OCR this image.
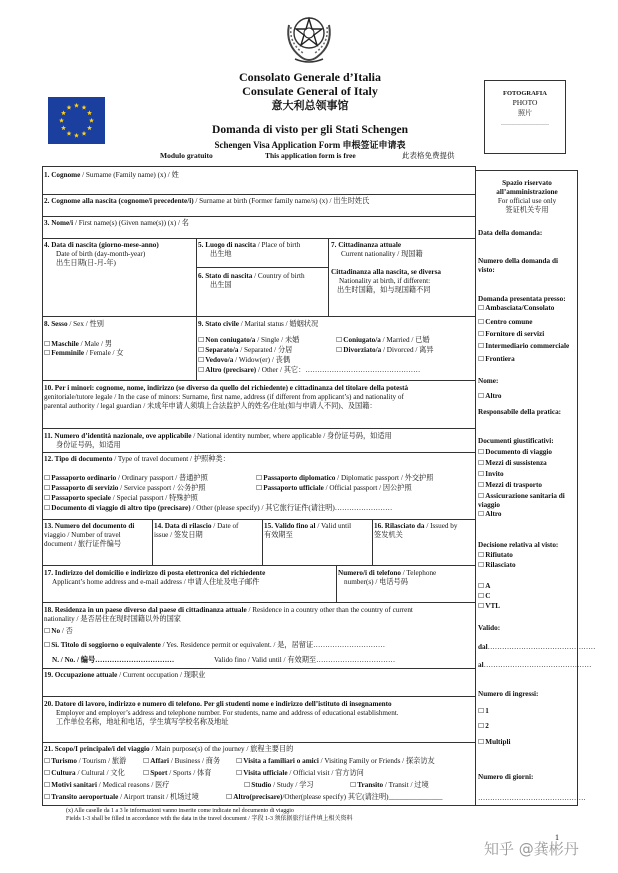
Consolato Generale d’Italia
Consulate General of Italy
意大利总领事馆
Domanda di visto per gli Stati Schengen
Schengen Visa Application Form 申根签证申请表
Modulo gratuito	This application form is free	此表格免费提供
FOTOGRAFIA
PHOTO
照片
……………………
1. Cognome / Surname (Family name) (x) / 姓
2. Cognome alla nascita (cognome/i precedente/i) / Surname at birth (Former family name/s) (x) / 出生时姓氏
3. Nome/i / First name(s) (Given name(s)) (x) / 名
4. Data di nascita (giorno-mese-anno)
Date of birth (day-month-year)
出生日期(日-月-年)
5. Luogo di nascita / Place of birth
出生地
6. Stato di nascita / Country of birth
出生国
7. Cittadinanza attuale
Current nationality / 现国籍
Cittadinanza alla nascita, se diversa
Nationality at birth, if different:
出生时国籍，如与现国籍不同
8. Sesso / Sex / 性别
☐ Maschile / Male / 男
☐ Femminile / Female / 女
9. Stato civile / Marital status / 婚姻状况
☐ Non coniugato/a / Single / 未婚	☐ Coniugato/a / Married / 已婚
☐ Separato/a / Separated / 分居	☐ Divorziato/a / Divorced / 离异
☐ Vedovo/a / Widow(er) / 丧偶
☐ Altro (precisare) / Other / 其它：…………………………………………
10. Per i minori: cognome, nome, indirizzo (se diverso da quello del richiedente) e cittadinanza del titolare della potestà
genitoriale/tutore legale / In the case of minors: Surname, first name, address (if different from applicant’s) and nationality of
parental authority / legal guardian / 未成年申请人须填上合法监护人的姓名/住址(如与申请人不同)、及国籍：
11. Numero d’identità nazionale, ove applicabile / National identity number, where applicable / 身份证号码，如适用
身份证号码，如适用
12. Tipo di documento / Type of travel document / 护照种类：
☐ Passaporto ordinario / Ordinary passport / 普通护照	☐ Passaporto diplomatico / Diplomatic passport / 外交护照
☐ Passaporto di servizio / Service passport / 公务护照	☐ Passaporto ufficiale / Official passport / 因公护照
☐ Passaporto speciale / Special passport / 特殊护照
☐ Documento di viaggio di altro tipo (precisare) / Other (please specify) / 其它旅行证件(请注明)……………………
13. Numero del documento di
viaggio / Number of travel
document / 旅行证件编号
14. Data di rilascio / Date of
issue / 签发日期
15. Valido fino al / Valid until
有效期至
16. Rilasciato da / Issued by
签发机关
17. Indirizzo del domicilio e indirizzo di posta elettronica del richiedente
Applicant’s home address and e-mail address / 申请人住址及电子邮件
Numero/i di telefono / Telephone
number(s) / 电话号码
18. Residenza in un paese diverso dal paese di cittadinanza attuale / Residence in a country other than the country of current
nationality / 是否居住在现时国籍以外的国家
☐ No / 否
☐ Sì. Titolo di soggiorno o equivalente / Yes. Residence permit or equivalent. / 是，居留证…………………………
N. / No. / 编号……………………………	Valido fino / Valid until / 有效期至……………………………
19. Occupazione attuale / Current occupation / 现职业
20. Datore di lavoro, indirizzo e numero di telefono. Per gli studenti nome e indirizzo dell’istituto di insegnamento
Employer and employer’s address and telephone number. For students, name and address of educational establishment.
工作单位名称，地址和电话，学生填写学校名称及地址
21. Scopo/I principale/i del viaggio / Main purpose(s) of the journey / 旅程主要目的
☐ Turismo / Tourism / 旅游	☐ Affari / Business / 商务	☐ Visita a familiari o amici / Visiting Family or Friends / 探亲访友
☐ Cultura / Cultural / 文化	☐ Sport / Sports / 体育	☐ Visita ufficiale / Official visit / 官方访问
☐ Motivi sanitari / Medical reasons / 医疗	☐ Studio / Study / 学习	☐ Transito / Transit / 过境
☐ Transito aeroportuale / Airport transit / 机场过境	☐ Altro(precisare)/Other(please specify) 其它(请注明)_______________
Spazio riservato
all’amministrazione
For official use only
签证机关专用
Data della domanda:
Numero della domanda di
visto:
Domanda presentata presso:
☐ Ambasciata/Consolato
☐ Centro comune
☐ Fornitore di servizi
☐ Intermediario commerciale
☐ Frontiera
Nome:
☐ Altro
Responsabile della pratica:
Documenti giustificativi:
☐ Documento di viaggio
☐ Mezzi di sussistenza
☐ Invito
☐ Mezzi di trasporto
☐ Assicurazione sanitaria di
viaggio
☐ Altro
Decisione relativa al visto:
☐ Rifiutato
☐ Rilasciato
☐ A
☐ C
☐ VTL
Valido:
dal………………………………………
al………………………………………
Numero di ingressi:
☐ 1
☐ 2
☐ Multipli
Numero di giorni:
………………………………………
(x) Alle caselle da 1 a 3 le informazioni vanno inserite come indicate nel documento di viaggio
Fields 1-3 shall be filled in accordance with the data in the travel document / 字段 1-3 须依据旅行证件填上相关资料
1
知乎 @龚彬丹
